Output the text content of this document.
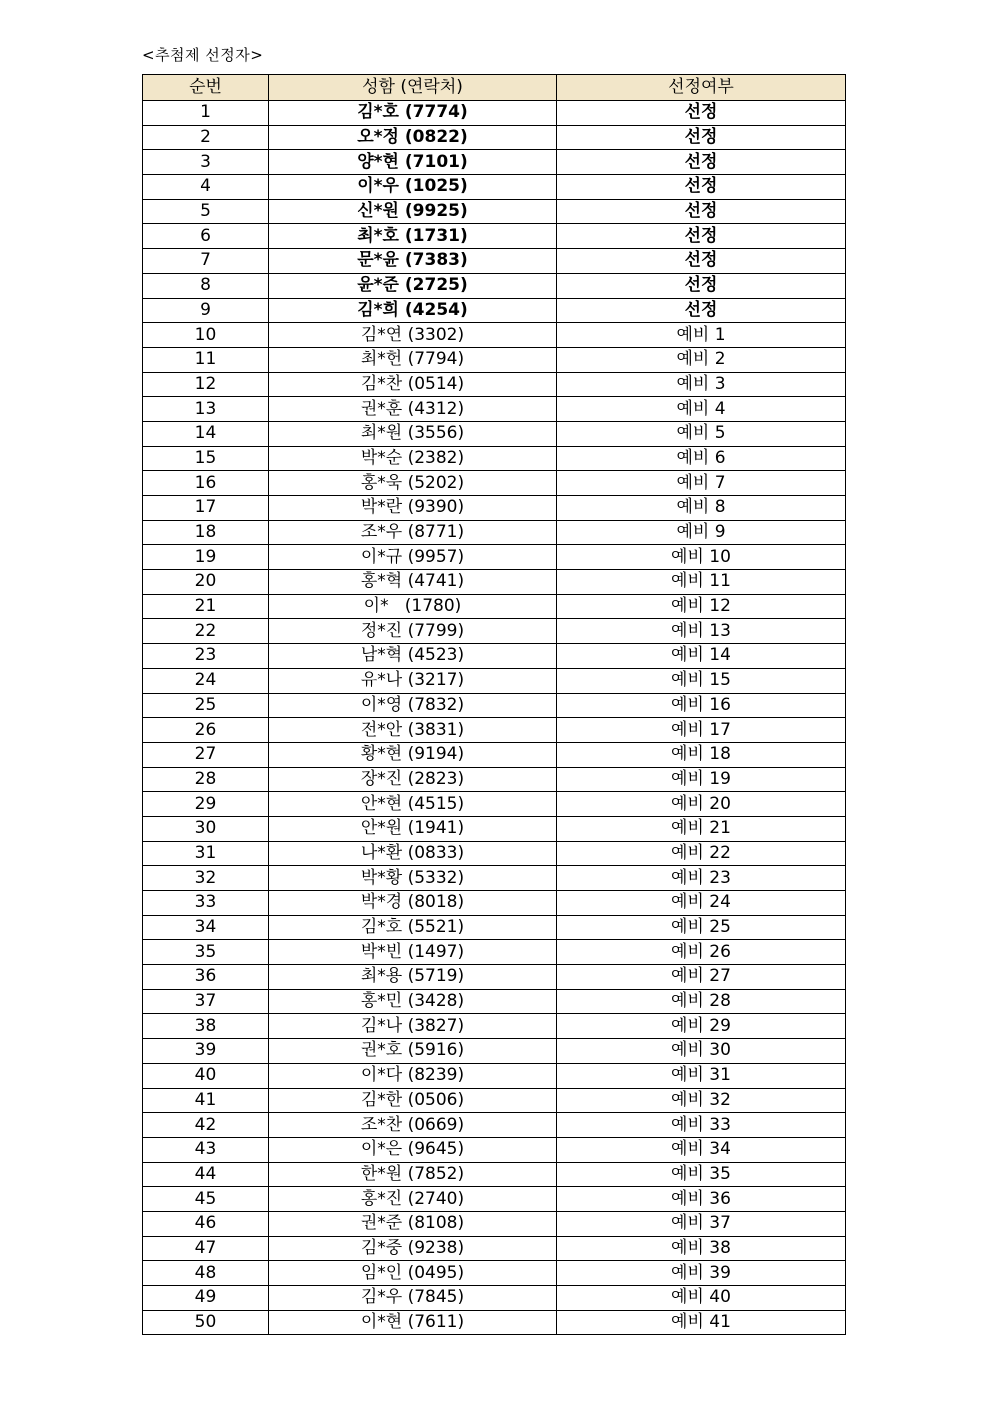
<추첨제 선정자>
순번	성함 (연락처)	선정여부
1	김*호 (7774)	선정
2	오*정 (0822)	선정
3	양*현 (7101)	선정
4	이*우 (1025)	선정
5	신*원 (9925)	선정
6	최*호 (1731)	선정
7	문*윤 (7383)	선정
8	윤*준 (2725)	선정
9	김*희 (4254)	선정
10	김*연 (3302)	예비 1
11	최*헌 (7794)	예비 2
12	김*찬 (0514)	예비 3
13	권*훈 (4312)	예비 4
14	최*원 (3556)	예비 5
15	박*순 (2382)	예비 6
16	홍*욱 (5202)	예비 7
17	박*란 (9390)	예비 8
18	조*우 (8771)	예비 9
19	이*규 (9957)	예비 10
20	홍*혁 (4741)	예비 11
21	이*   (1780)	예비 12
22	정*진 (7799)	예비 13
23	남*혁 (4523)	예비 14
24	유*나 (3217)	예비 15
25	이*영 (7832)	예비 16
26	전*안 (3831)	예비 17
27	황*현 (9194)	예비 18
28	장*진 (2823)	예비 19
29	안*현 (4515)	예비 20
30	안*원 (1941)	예비 21
31	나*환 (0833)	예비 22
32	박*황 (5332)	예비 23
33	박*경 (8018)	예비 24
34	김*호 (5521)	예비 25
35	박*빈 (1497)	예비 26
36	최*용 (5719)	예비 27
37	홍*민 (3428)	예비 28
38	김*나 (3827)	예비 29
39	권*호 (5916)	예비 30
40	이*다 (8239)	예비 31
41	김*한 (0506)	예비 32
42	조*찬 (0669)	예비 33
43	이*은 (9645)	예비 34
44	한*원 (7852)	예비 35
45	홍*진 (2740)	예비 36
46	권*준 (8108)	예비 37
47	김*중 (9238)	예비 38
48	임*인 (0495)	예비 39
49	김*우 (7845)	예비 40
50	이*현 (7611)	예비 41
